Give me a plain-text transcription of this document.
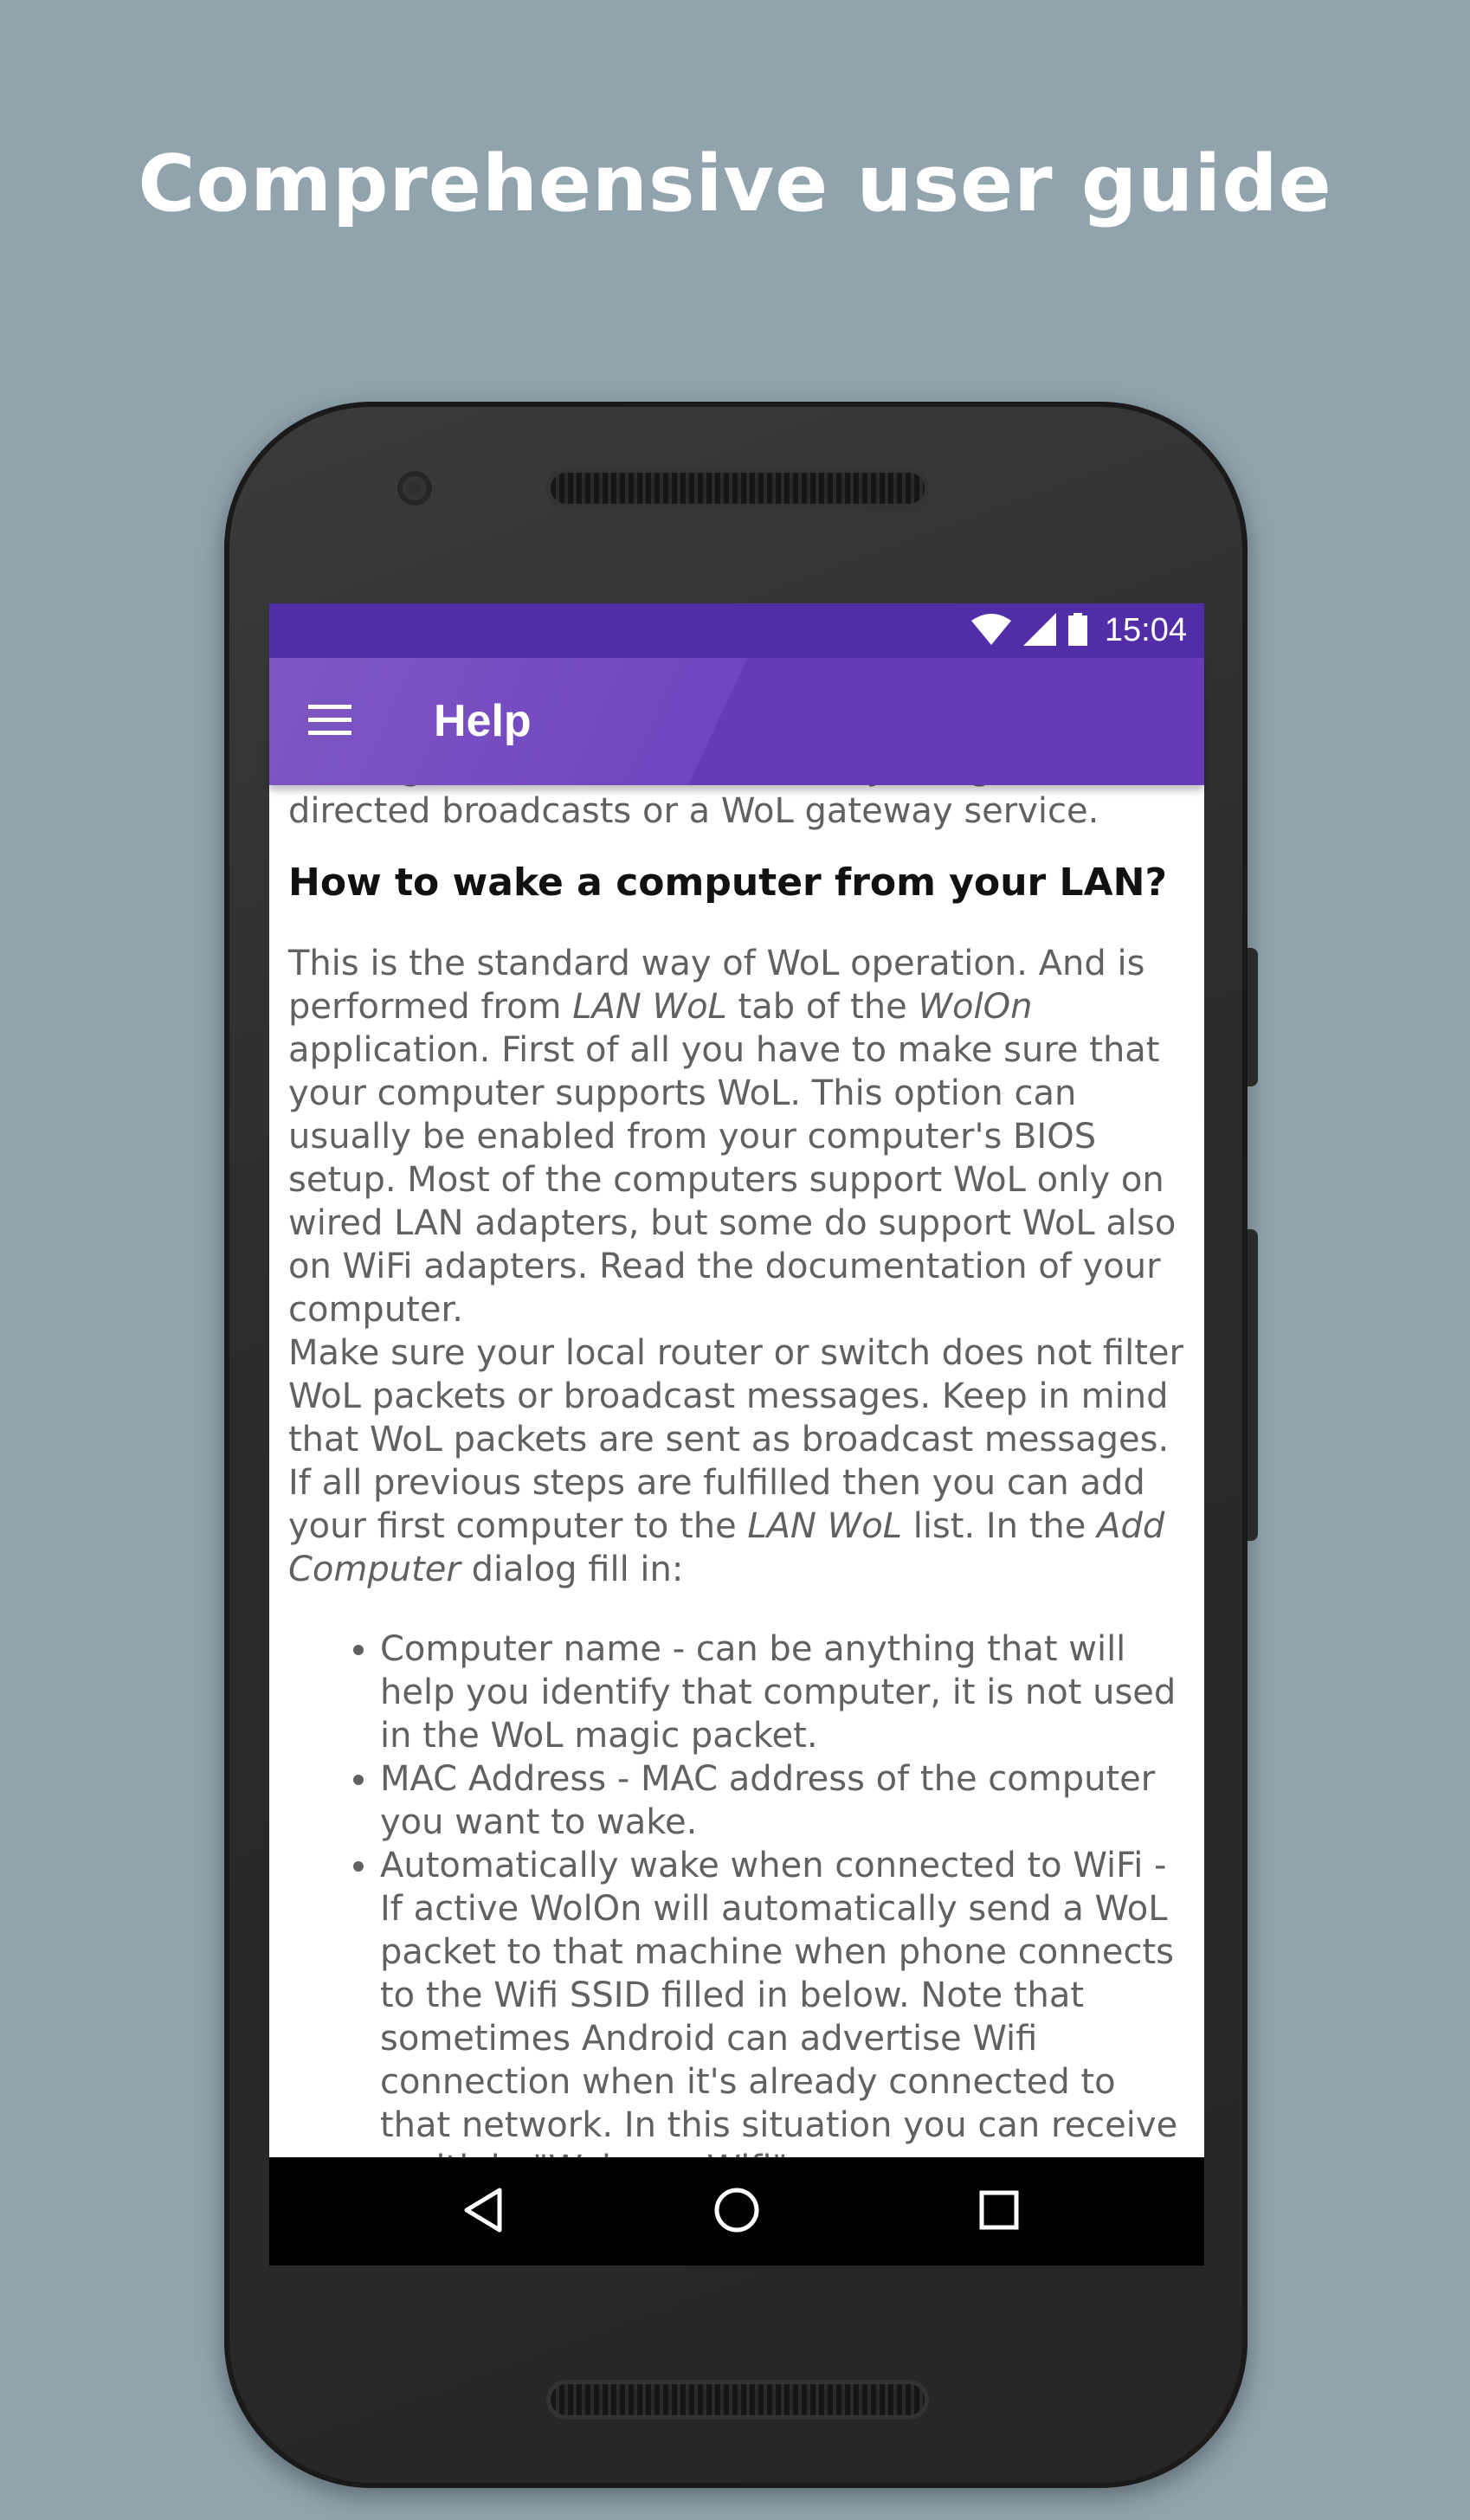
Comprehensive user guide
15:04
Help

directed broadcasts or a WoL gateway service.

How to wake a computer from your LAN?

This is the standard way of WoL operation. And is performed from LAN WoL tab of the WolOn application. First of all you have to make sure that your computer supports WoL. This option can usually be enabled from your computer's BIOS setup. Most of the computers support WoL only on wired LAN adapters, but some do support WoL also on WiFi adapters. Read the documentation of your computer.

Make sure your local router or switch does not filter WoL packets or broadcast messages. Keep in mind that WoL packets are sent as broadcast messages.

If all previous steps are fulfilled then you can add your first computer to the LAN WoL list. In the Add Computer dialog fill in:

• Computer name - can be anything that will help you identify that computer, it is not used in the WoL magic packet.
• MAC Address - MAC address of the computer you want to wake.
• Automatically wake when connected to WiFi - If active WolOn will automatically send a WoL packet to that machine when phone connects to the Wifi SSID filled in below. Note that sometimes Android can advertise Wifi connection when it's already connected to that network. In this situation you can receive
